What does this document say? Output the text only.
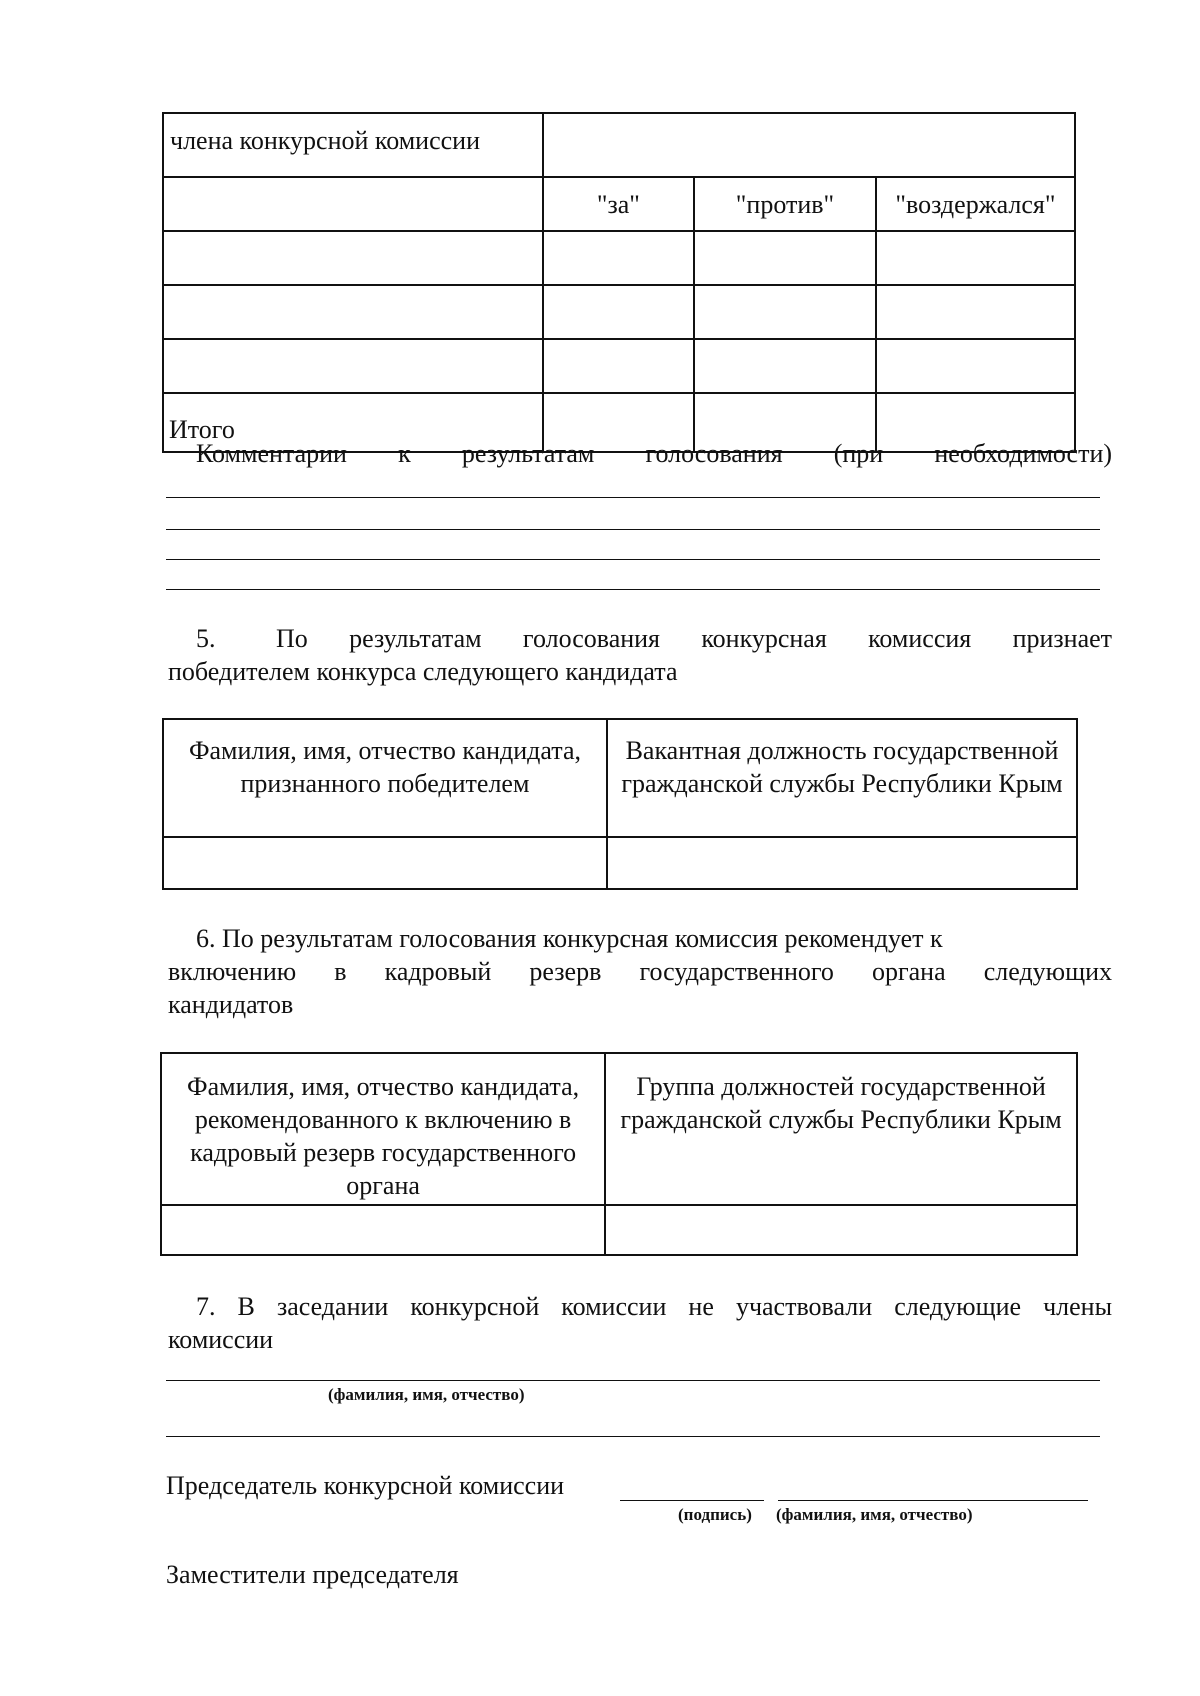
члена конкурсной комиссии			
	"за"	"против"	"воздержался"

Итого			
Комментарии к результатам голосования (при необходимости)
5.	По результатам голосования конкурсная комиссия признает
победителем конкурса следующего кандидата
Фамилия, имя, отчество кандидата, признанного победителем	Вакантная должность государственной гражданской службы Республики Крым

6. По результатам голосования конкурсная комиссия рекомендует к
включению в кадровый резерв государственного органа следующих
кандидатов
Фамилия, имя, отчество кандидата, рекомендованного к включению в кадровый резерв государственного органа	Группа должностей государственной гражданской службы Республики Крым

7. В заседании конкурсной комиссии не участвовали следующие члены
комиссии
(фамилия, имя, отчество)
Председатель конкурсной комиссии
(подпись) (фамилия, имя, отчество)
Заместители председателя
